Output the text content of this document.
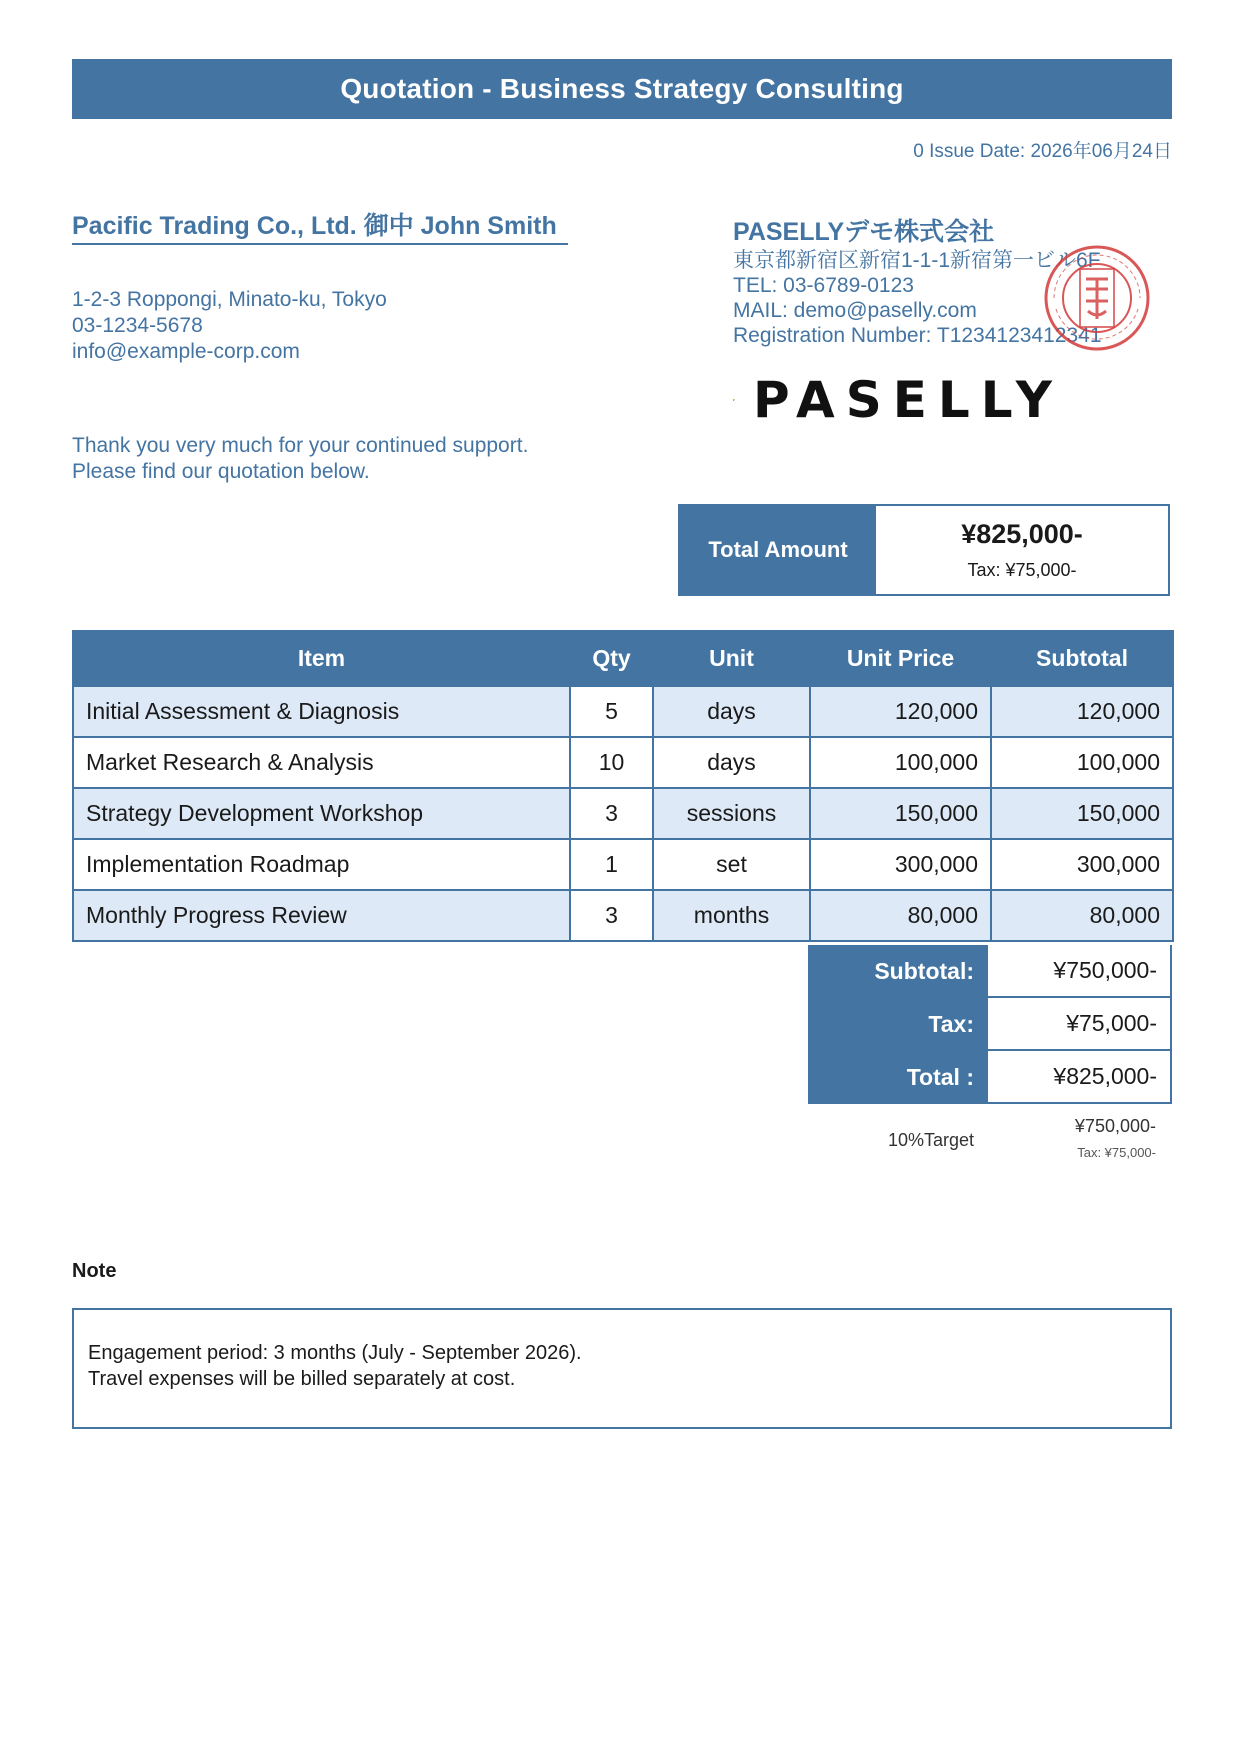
Quotation - Business Strategy Consulting
0 Issue Date: 2026年06月24日
Pacific Trading Co., Ltd. 御中 John Smith
1-2-3 Roppongi, Minato-ku, Tokyo
03-1234-5678
info@example-corp.com
Thank you very much for your continued support.
Please find our quotation below.
PASELLYデモ株式会社
東京都新宿区新宿1-1-1新宿第一ビル6F
TEL: 03-6789-0123
MAIL: demo@paselly.com
Registration Number: T1234123412341
PASELLY
Total Amount
¥825,000-
Tax: ¥75,000-
Item	Qty	Unit	Unit Price	Subtotal
Initial Assessment & Diagnosis	5	days	120,000	120,000
Market Research & Analysis	10	days	100,000	100,000
Strategy Development Workshop	3	sessions	150,000	150,000
Implementation Roadmap	1	set	300,000	300,000
Monthly Progress Review	3	months	80,000	80,000
Subtotal:	¥750,000-
Tax:	¥75,000-
Total :	¥825,000-
10%Target
¥750,000-
Tax: ¥75,000-
Note
Engagement period: 3 months (July - September 2026).
Travel expenses will be billed separately at cost.
